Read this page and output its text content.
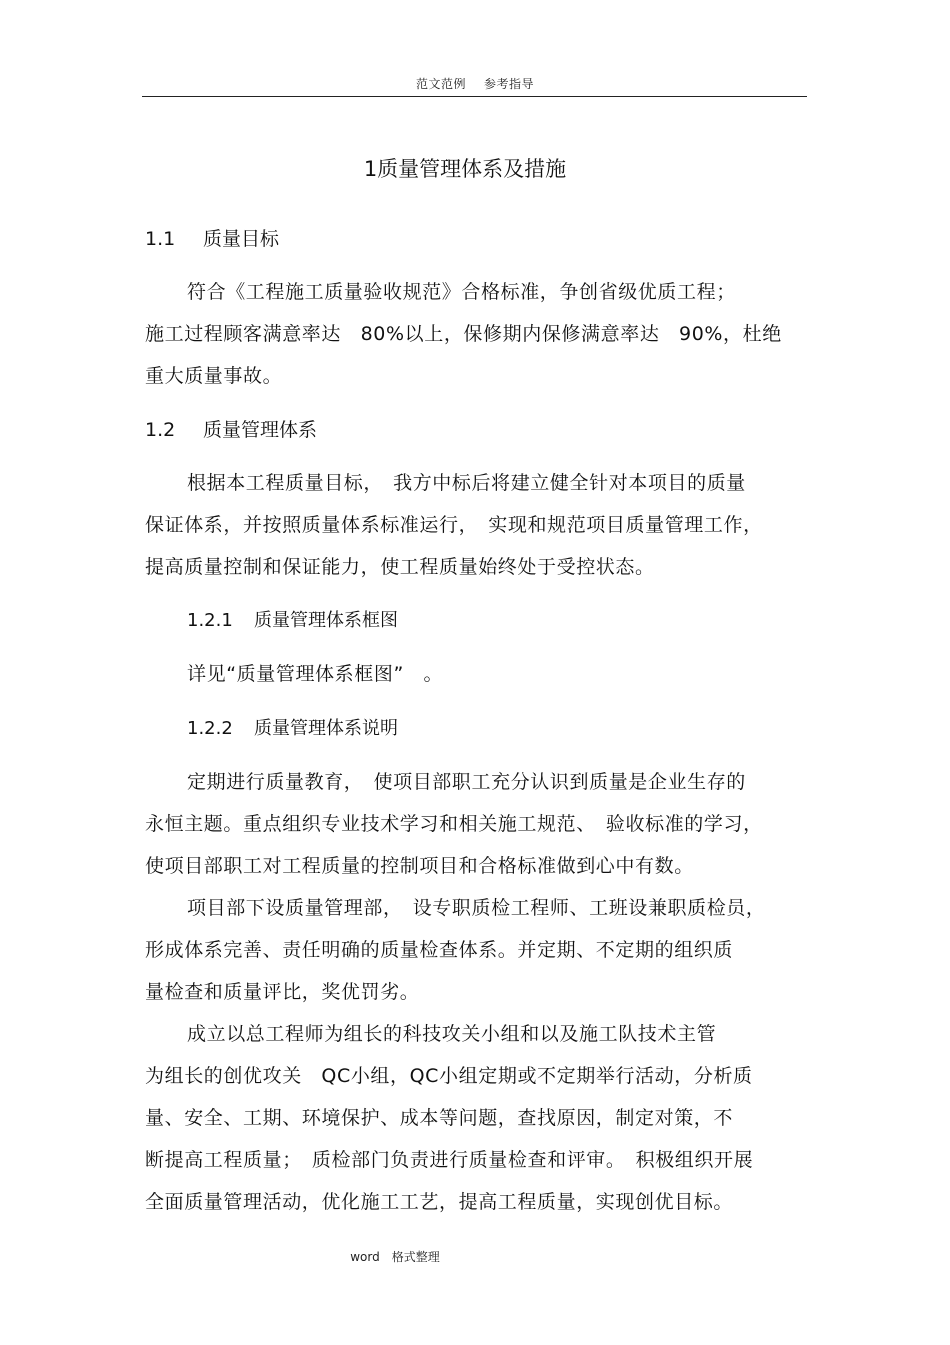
范文范例 参考指导
1质量管理体系及措施
1.1 质量目标
符合《工程施工质量验收规范》合格标准，争创省级优质工程；
施工过程顾客满意率达　80%以上，保修期内保修满意率达　90%，杜绝
重大质量事故。
1.2 质量管理体系
根据本工程质量目标，　我方中标后将建立健全针对本项目的质量
保证体系，并按照质量体系标准运行，　实现和规范项目质量管理工作，
提高质量控制和保证能力，使工程质量始终处于受控状态。
1.2.1 质量管理体系框图
详见“质量管理体系框图”　。
1.2.2 质量管理体系说明
定期进行质量教育，　使项目部职工充分认识到质量是企业生存的
永恒主题。重点组织专业技术学习和相关施工规范、　验收标准的学习，
使项目部职工对工程质量的控制项目和合格标准做到心中有数。
项目部下设质量管理部，　设专职质检工程师、工班设兼职质检员，
形成体系完善、责任明确的质量检查体系。并定期、不定期的组织质
量检查和质量评比，奖优罚劣。
成立以总工程师为组长的科技攻关小组和以及施工队技术主管
为组长的创优攻关　QC小组，QC小组定期或不定期举行活动，分析质
量、安全、工期、环境保护、成本等问题，查找原因，制定对策，不
断提高工程质量；　质检部门负责进行质量检查和评审。　积极组织开展
全面质量管理活动，优化施工工艺，提高工程质量，实现创优目标。
word 格式整理
